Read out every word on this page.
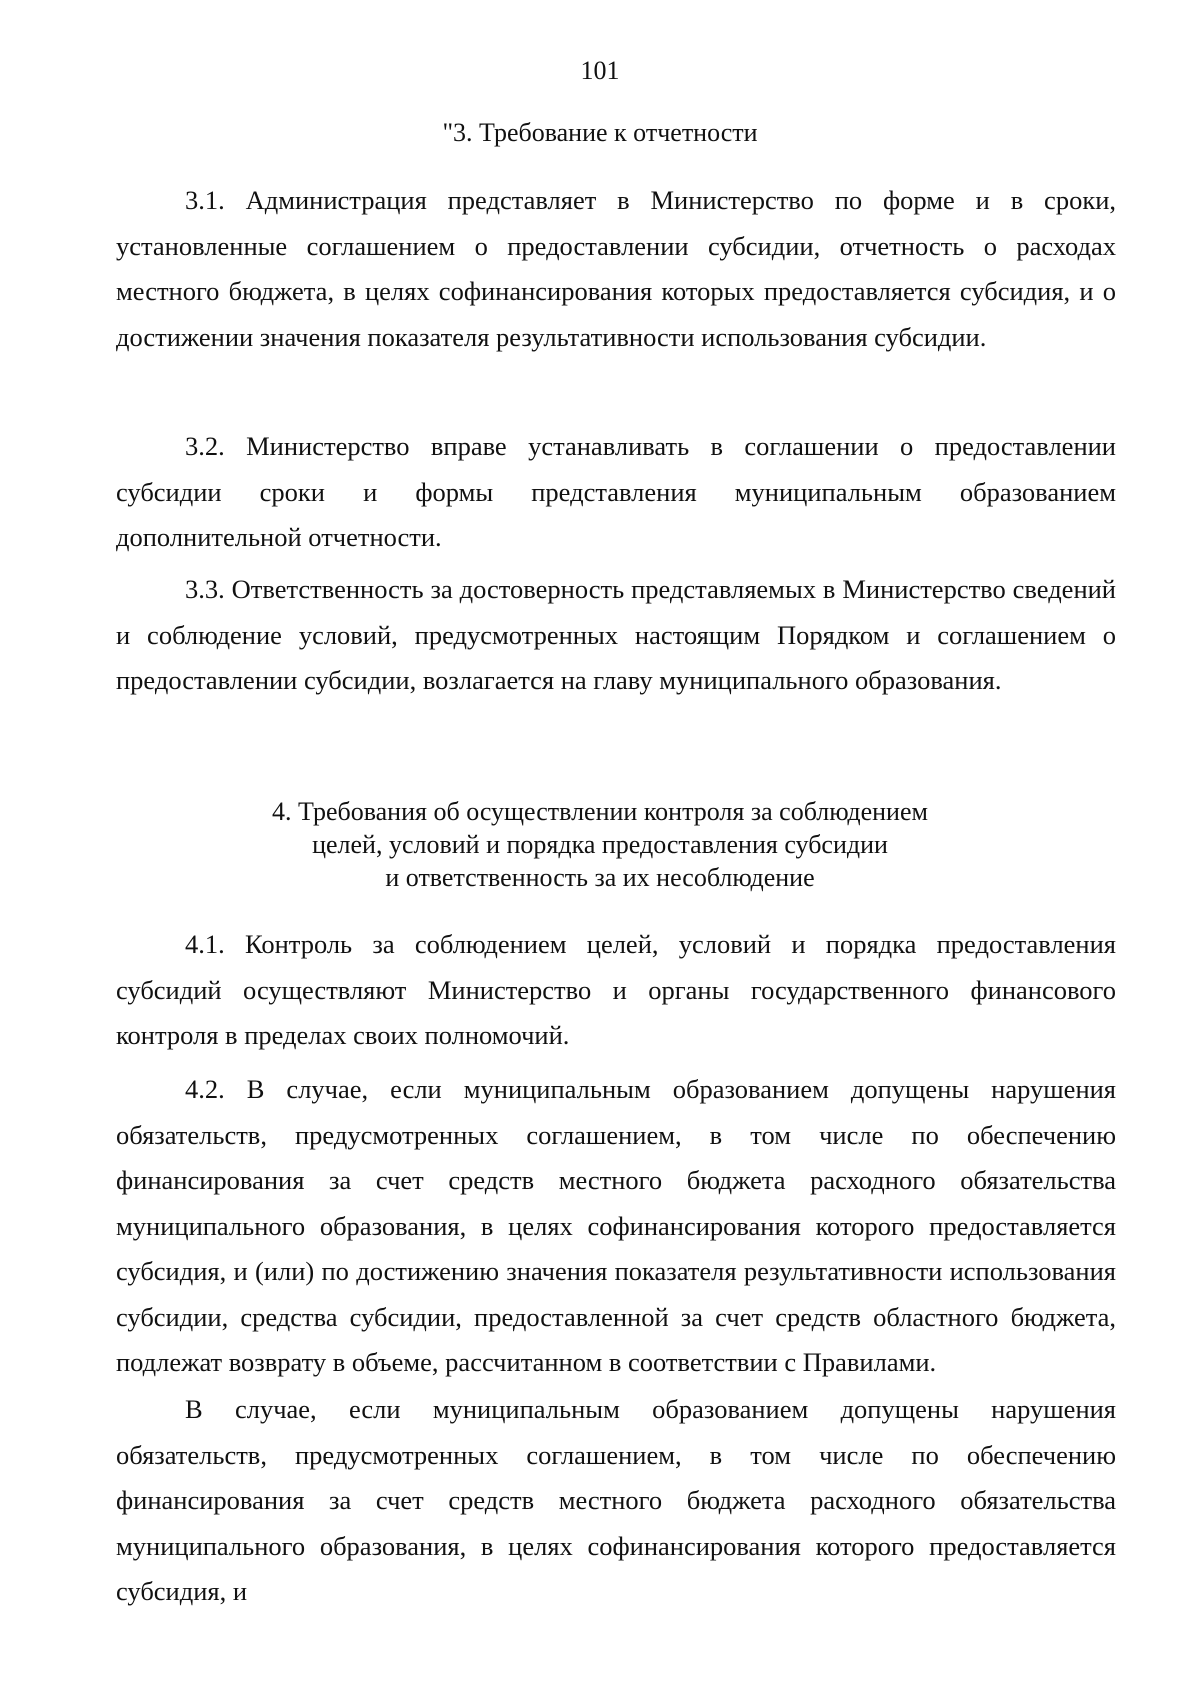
101
"3. Требование к отчетности

3.1. Администрация представляет в Министерство по форме и в сроки, установленные соглашением о предоставлении субсидии, отчетность о расходах местного бюджета, в целях софинансирования которых предоставляется субсидия, и о достижении значения показателя результативности использования субсидии.

3.2. Министерство вправе устанавливать в соглашении о предоставлении субсидии сроки и формы представления муниципальным образованием дополнительной отчетности.

3.3. Ответственность за достоверность представляемых в Министерство сведений и соблюдение условий, предусмотренных настоящим Порядком и соглашением о предоставлении субсидии, возлагается на главу муниципального образования.

4. Требования об осуществлении контроля за соблюдением
целей, условий и порядка предоставления субсидии
и ответственность за их несоблюдение

4.1. Контроль за соблюдением целей, условий и порядка предоставления субсидий осуществляют Министерство и органы государственного финансового контроля в пределах своих полномочий.

4.2. В случае, если муниципальным образованием допущены нарушения обязательств, предусмотренных соглашением, в том числе по обеспечению финансирования за счет средств местного бюджета расходного обязательства муниципального образования, в целях софинансирования которого предоставляется субсидия, и (или) по достижению значения показателя результативности использования субсидии, средства субсидии, предоставленной за счет средств областного бюджета, подлежат возврату в объеме, рассчитанном в соответствии с Правилами.

В случае, если муниципальным образованием допущены нарушения обязательств, предусмотренных соглашением, в том числе по обеспечению финансирования за счет средств местного бюджета расходного обязательства муниципального образования, в целях софинансирования которого предоставляется субсидия, и
